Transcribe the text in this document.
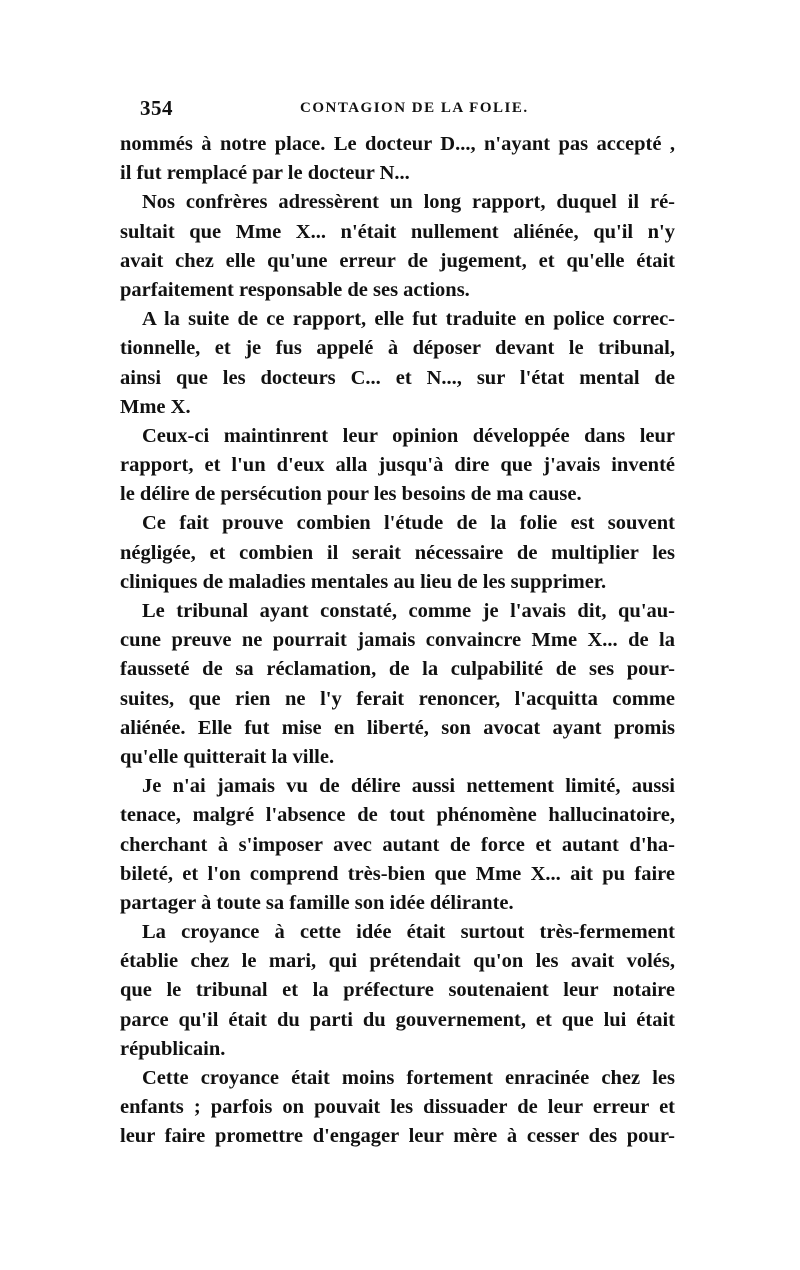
354	CONTAGION DE LA FOLIE.
nommés à notre place. Le docteur D..., n'ayant pas accepté ,
il fut remplacé par le docteur N...
Nos confrères adressèrent un long rapport, duquel il ré-
sultait que Mme X... n'était nullement aliénée, qu'il n'y
avait chez elle qu'une erreur de jugement, et qu'elle était
parfaitement responsable de ses actions.
A la suite de ce rapport, elle fut traduite en police correc-
tionnelle, et je fus appelé à déposer devant le tribunal,
ainsi que les docteurs C... et N..., sur l'état mental de
Mme X.
Ceux-ci maintinrent leur opinion développée dans leur
rapport, et l'un d'eux alla jusqu'à dire que j'avais inventé
le délire de persécution pour les besoins de ma cause.
Ce fait prouve combien l'étude de la folie est souvent
négligée, et combien il serait nécessaire de multiplier les
cliniques de maladies mentales au lieu de les supprimer.
Le tribunal ayant constaté, comme je l'avais dit, qu'au-
cune preuve ne pourrait jamais convaincre Mme X... de la
fausseté de sa réclamation, de la culpabilité de ses pour-
suites, que rien ne l'y ferait renoncer, l'acquitta comme
aliénée. Elle fut mise en liberté, son avocat ayant promis
qu'elle quitterait la ville.
Je n'ai jamais vu de délire aussi nettement limité, aussi
tenace, malgré l'absence de tout phénomène hallucinatoire,
cherchant à s'imposer avec autant de force et autant d'ha-
bileté, et l'on comprend très-bien que Mme X... ait pu faire
partager à toute sa famille son idée délirante.
La croyance à cette idée était surtout très-fermement
établie chez le mari, qui prétendait qu'on les avait volés,
que le tribunal et la préfecture soutenaient leur notaire
parce qu'il était du parti du gouvernement, et que lui était
républicain.
Cette croyance était moins fortement enracinée chez les
enfants ; parfois on pouvait les dissuader de leur erreur et
leur faire promettre d'engager leur mère à cesser des pour-
